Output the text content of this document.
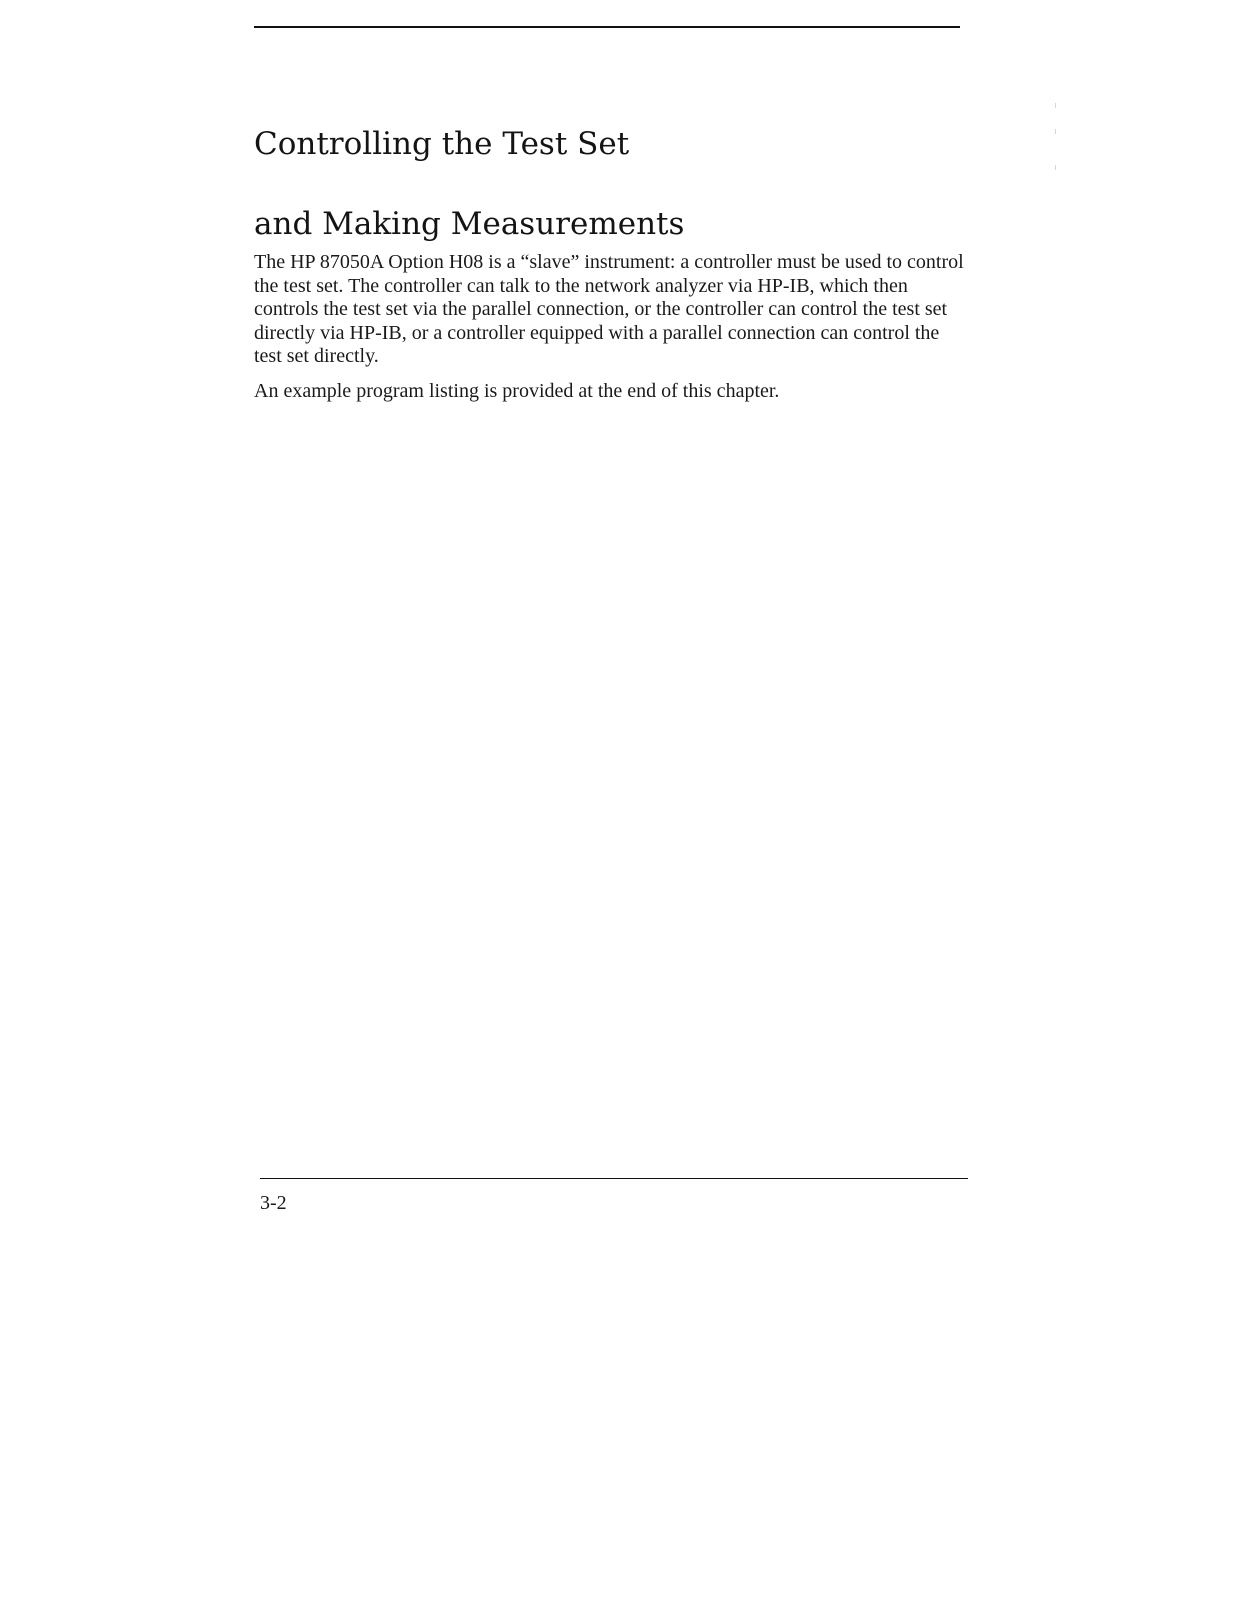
Controlling the Test Set

and Making Measurements

The HP 87050A Option H08 is a “slave” instrument: a controller must be used to control the test set. The controller can talk to the network analyzer via HP-IB, which then controls the test set via the parallel connection, or the controller can control the test set directly via HP-IB, or a controller equipped with a parallel connection can control the test set directly.

An example program listing is provided at the end of this chapter.

3-2
